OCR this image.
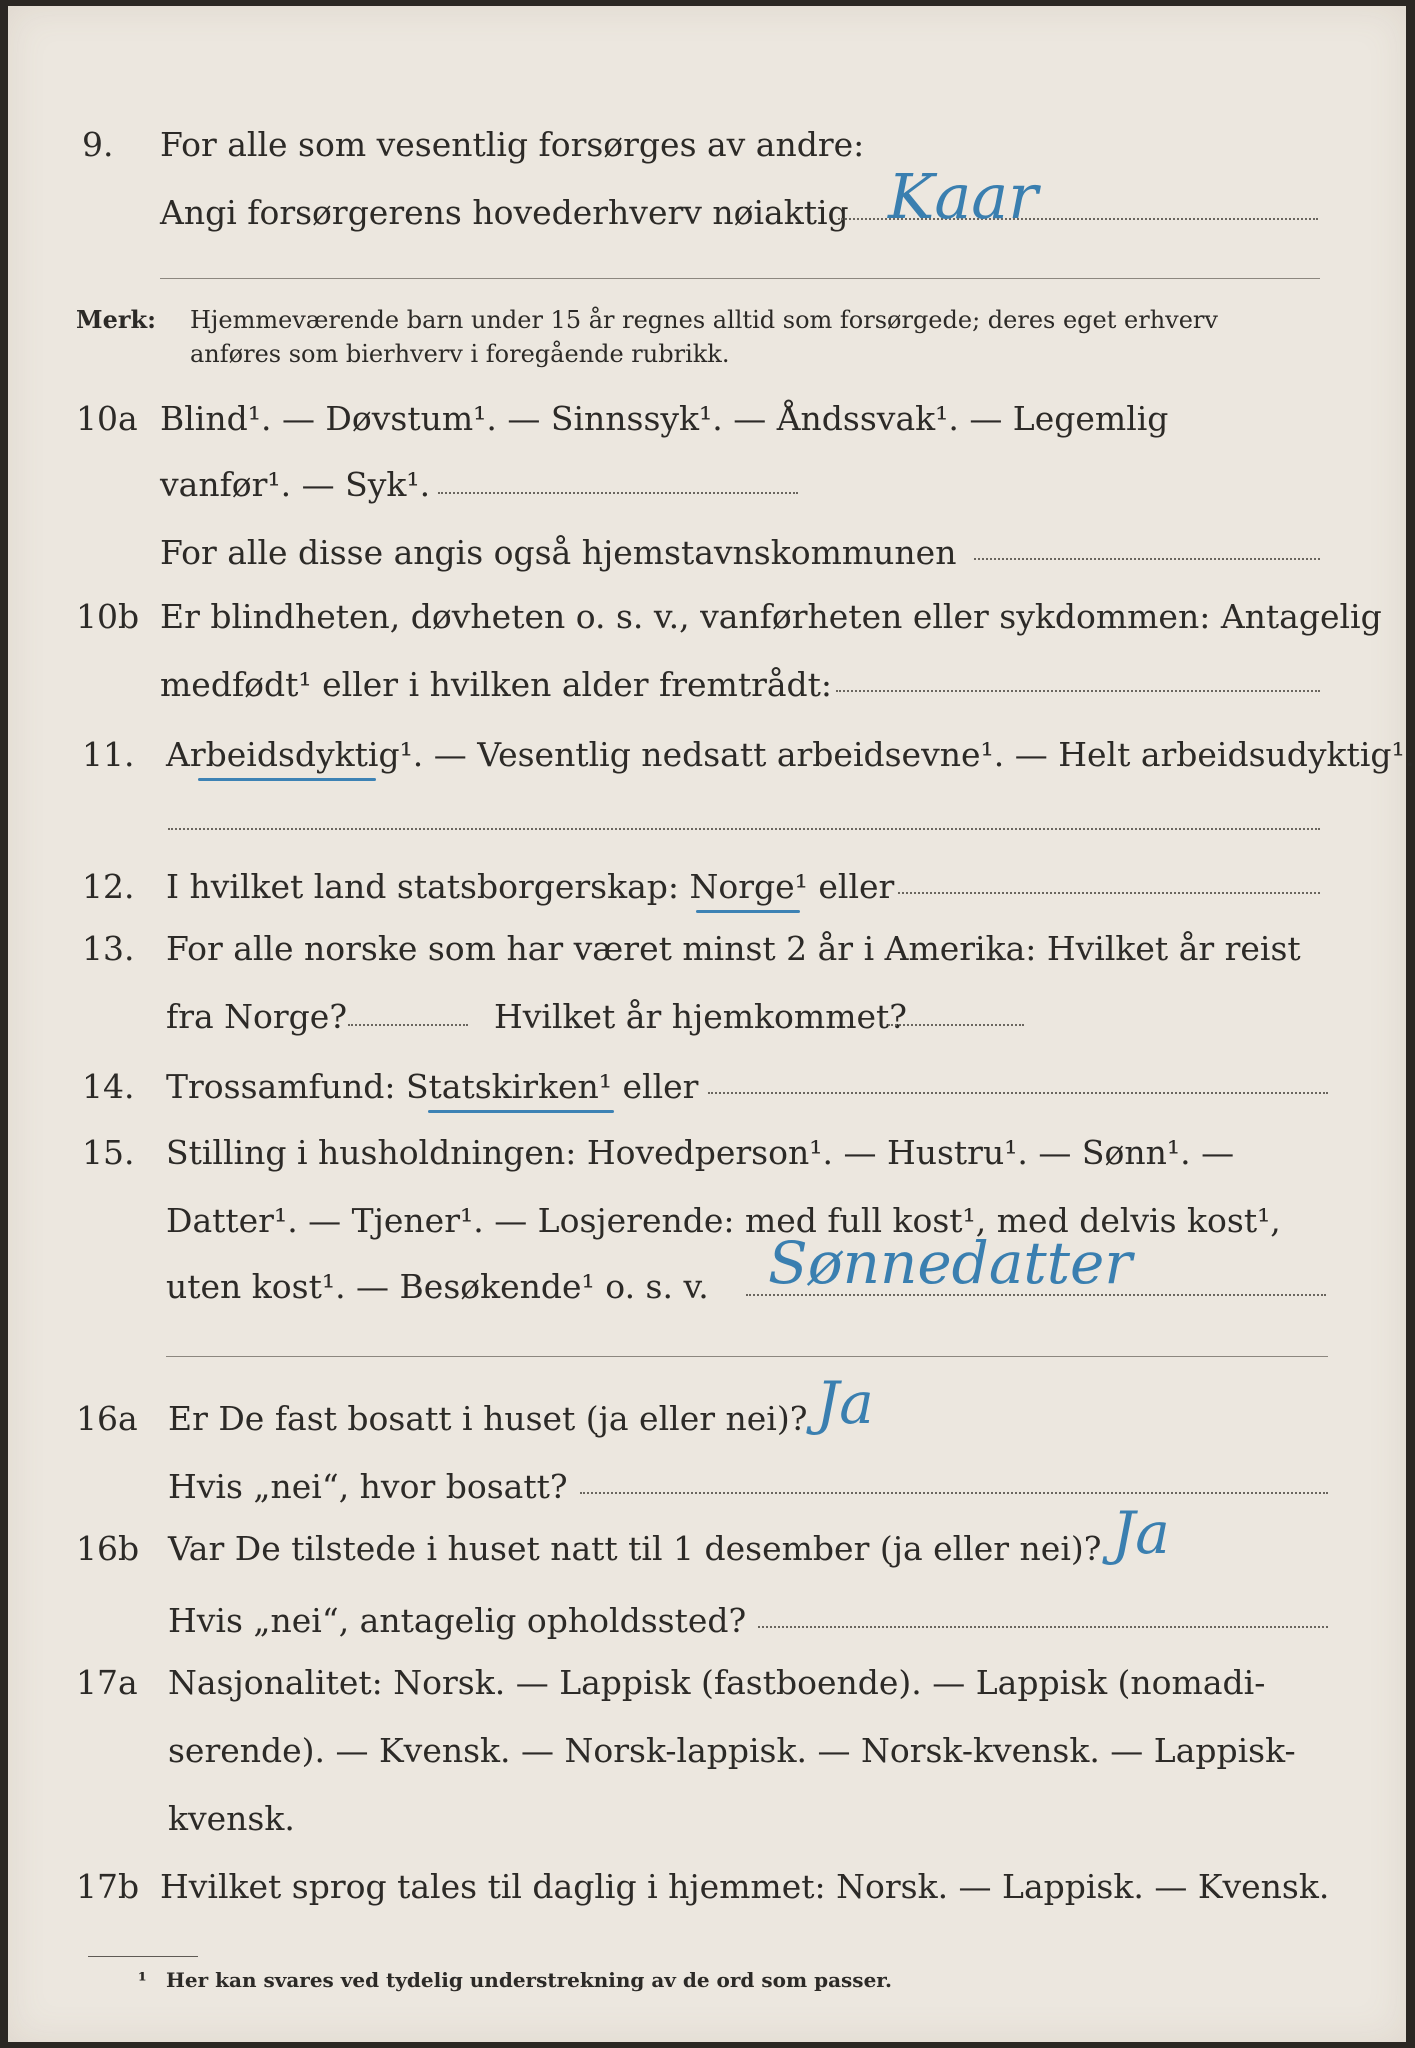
9. For alle som vesentlig forsørges av andre:
Angi forsørgerens hovederhverv nøiaktig Kaar
Merk: Hjemmeværende barn under 15 år regnes alltid som forsørgede; deres eget erhverv
anføres som bierhverv i foregående rubrikk.
10a Blind¹. — Døvstum¹. — Sinnssyk¹. — Åndssvak¹. — Legemlig
vanfør¹. — Syk¹.
For alle disse angis også hjemstavnskommunen
10b Er blindheten, døvheten o. s. v., vanførheten eller sykdommen: Antagelig
medfødt¹ eller i hvilken alder fremtrådt:
11. Arbeidsdyktig¹. — Vesentlig nedsatt arbeidsevne¹. — Helt arbeidsudyktig¹.
12. I hvilket land statsborgerskap: Norge¹ eller
13. For alle norske som har været minst 2 år i Amerika: Hvilket år reist
fra Norge?	Hvilket år hjemkommet?
14. Trossamfund: Statskirken¹ eller
15. Stilling i husholdningen: Hovedperson¹. — Hustru¹. — Sønn¹. —
Datter¹. — Tjener¹. — Losjerende: med full kost¹, med delvis kost¹,
uten kost¹. — Besøkende¹ o. s. v. Sønnedatter
16a Er De fast bosatt i huset (ja eller nei)? Ja
Hvis „nei“, hvor bosatt?
16b Var De tilstede i huset natt til 1 desember (ja eller nei)? Ja
Hvis „nei“, antagelig opholdssted?
17a Nasjonalitet: Norsk. — Lappisk (fastboende). — Lappisk (nomadi-
serende). — Kvensk. — Norsk-lappisk. — Norsk-kvensk. — Lappisk-
kvensk.
17b Hvilket sprog tales til daglig i hjemmet: Norsk. — Lappisk. — Kvensk.
¹ Her kan svares ved tydelig understrekning av de ord som passer.
